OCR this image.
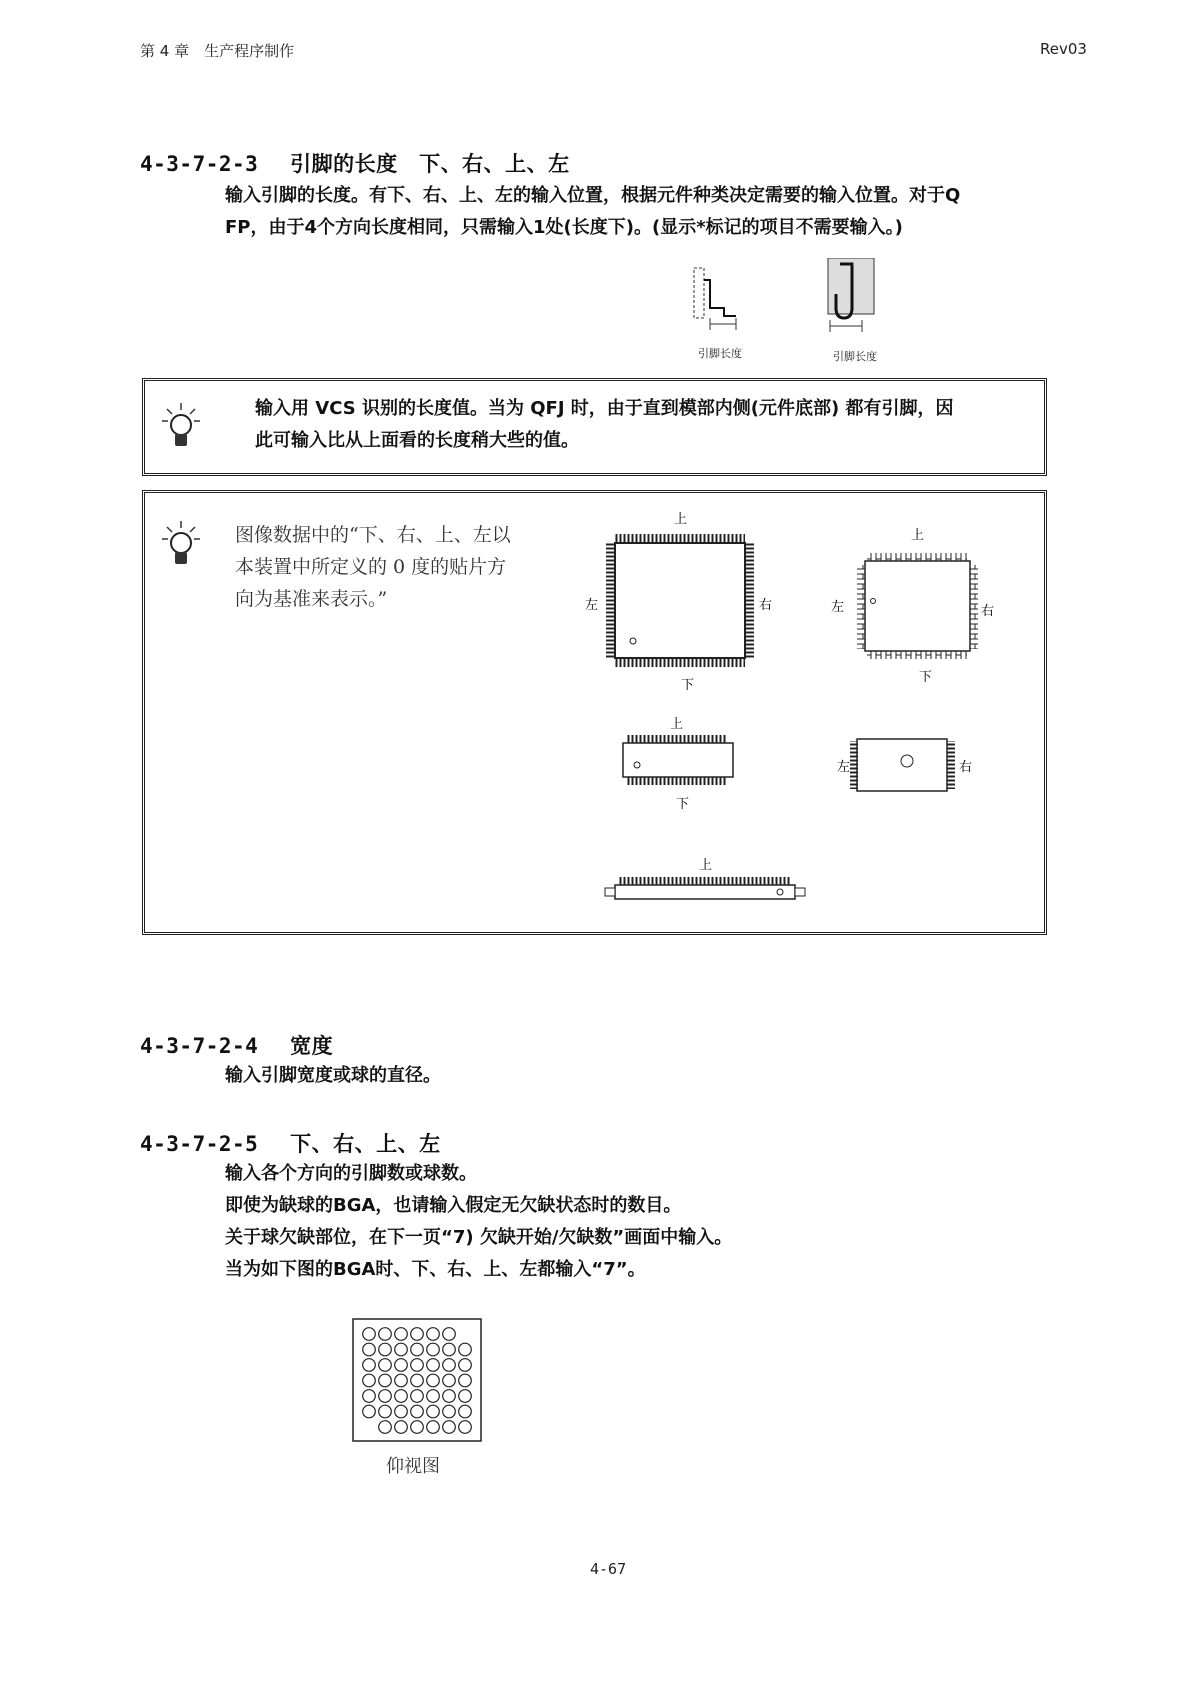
第 4 章　生产程序制作	Rev03
4-3-7-2-3 引脚的长度　下、右、上、左
输入引脚的长度。有下、右、上、左的输入位置，根据元件种类决定需要的输入位置。对于Q
FP，由于4个方向长度相同，只需输入1处(长度下)。(显示*标记的项目不需要输入。)
引脚长度	引脚长度
输入用 VCS 识别的长度值。当为 QFJ 时，由于直到模部内侧(元件底部) 都有引脚，因
此可输入比从上面看的长度稍大些的值。
图像数据中的“下、右、上、左以
本装置中所定义的 0 度的贴片方
向为基准来表示。”
上
左	右
下
上
左	右
下
上
下
左	右
上
4-3-7-2-4 宽度
输入引脚宽度或球的直径。
4-3-7-2-5 下、右、上、左
输入各个方向的引脚数或球数。
即使为缺球的BGA，也请输入假定无欠缺状态时的数目。
关于球欠缺部位，在下一页“7) 欠缺开始/欠缺数”画面中输入。
当为如下图的BGA时、下、右、上、左都输入“7”。
仰视图
4-67
